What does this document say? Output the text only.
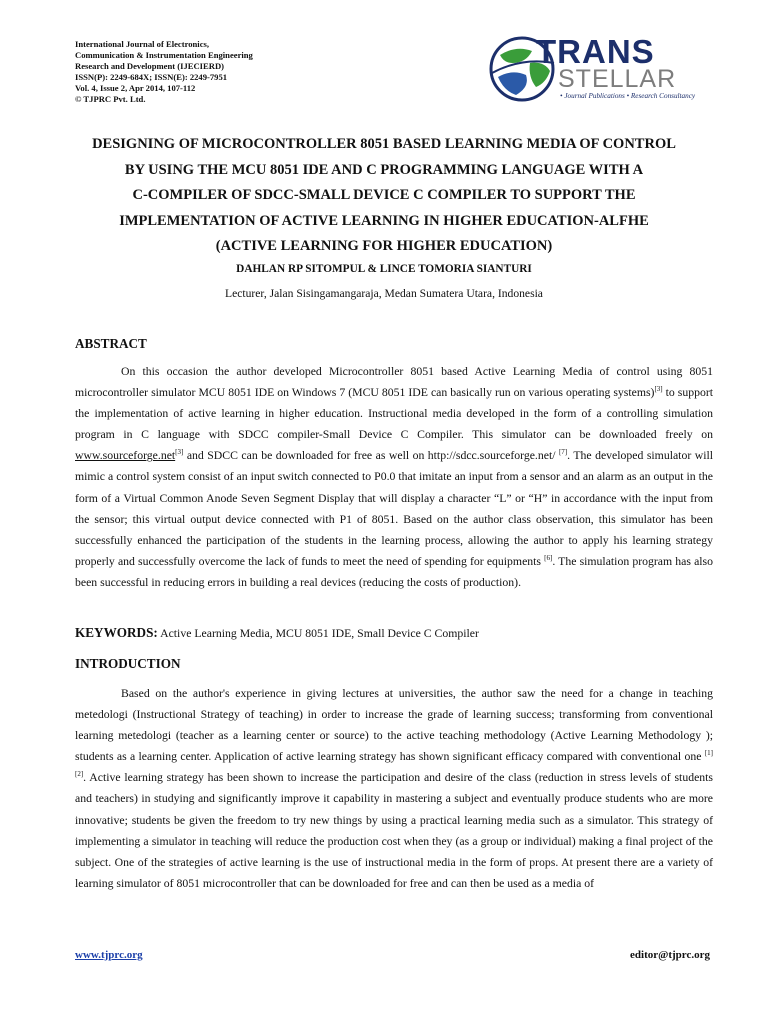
International Journal of Electronics,
Communication & Instrumentation Engineering
Research and Development (IJECIERD)
ISSN(P): 2249-684X; ISSN(E): 2249-7951
Vol. 4, Issue 2, Apr 2014, 107-112
© TJPRC Pvt. Ltd.
TRANS
STELLAR
• Journal Publications • Research Consultancy
DESIGNING OF MICROCONTROLLER 8051 BASED LEARNING MEDIA OF CONTROL
BY USING THE MCU 8051 IDE AND C PROGRAMMING LANGUAGE WITH A
C-COMPILER OF SDCC-SMALL DEVICE C COMPILER TO SUPPORT THE
IMPLEMENTATION OF ACTIVE LEARNING IN HIGHER EDUCATION-ALFHE
(ACTIVE LEARNING FOR HIGHER EDUCATION)
DAHLAN RP SITOMPUL & LINCE TOMORIA SIANTURI
Lecturer, Jalan Sisingamangaraja, Medan Sumatera Utara, Indonesia
ABSTRACT

On this occasion the author developed Microcontroller 8051 based Active Learning Media of control using 8051 microcontroller simulator MCU 8051 IDE on Windows 7 (MCU 8051 IDE can basically run on various operating systems)[3] to support the implementation of active learning in higher education. Instructional media developed in the form of a controlling simulation program in C language with SDCC compiler-Small Device C Compiler. This simulator can be downloaded freely on www.sourceforge.net[3] and SDCC can be downloaded for free as well on http://sdcc.sourceforge.net/ [7]. The developed simulator will mimic a control system consist of an input switch connected to P0.0 that imitate an input from a sensor and an alarm as an output in the form of a Virtual Common Anode Seven Segment Display that will display a character “L” or “H” in accordance with the input from the sensor; this virtual output device connected with P1 of 8051. Based on the author class observation, this simulator has been successfully enhanced the participation of the students in the learning process, allowing the author to apply his learning strategy properly and successfully overcome the lack of funds to meet the need of spending for equipments [6]. The simulation program has also been successful in reducing errors in building a real devices (reducing the costs of production).

KEYWORDS: Active Learning Media, MCU 8051 IDE, Small Device C Compiler
INTRODUCTION

Based on the author's experience in giving lectures at universities, the author saw the need for a change in teaching metedologi (Instructional Strategy of teaching) in order to increase the grade of learning success; transforming from conventional learning metedologi (teacher as a learning center or source) to the active teaching methodology (Active Learning Methodology ); students as a learning center. Application of active learning strategy has shown significant efficacy compared with conventional one [1][2]. Active learning strategy has been shown to increase the participation and desire of the class (reduction in stress levels of students and teachers) in studying and significantly improve it capability in mastering a subject and eventually produce students who are more innovative; students be given the freedom to try new things by using a practical learning media such as a simulator. This strategy of implementing a simulator in teaching will reduce the production cost when they (as a group or individual) making a final project of the subject. One of the strategies of active learning is the use of instructional media in the form of props. At present there are a variety of learning simulator of 8051 microcontroller that can be downloaded for free and can then be used as a media of

www.tjprc.org	editor@tjprc.org
